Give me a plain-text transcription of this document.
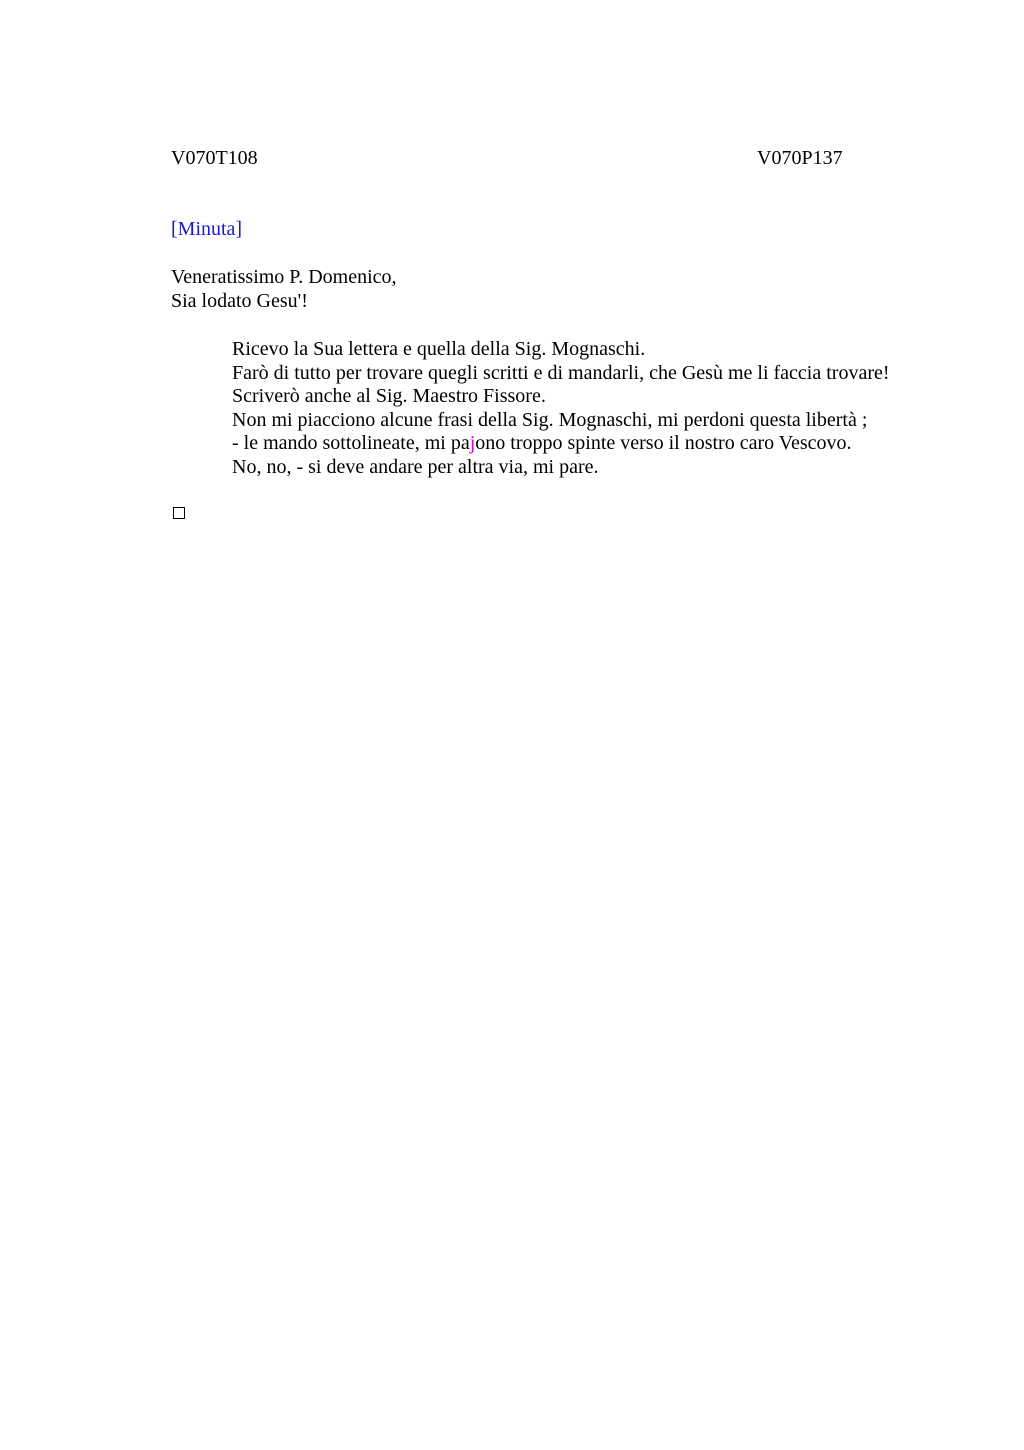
V070T108	V070P137
[Minuta]
Veneratissimo P. Domenico,
Sia lodato Gesu'!
Ricevo la Sua lettera e quella della Sig. Mognaschi.
Farò di tutto per trovare quegli scritti e di mandarli, che Gesù me li faccia trovare!
Scriverò anche al Sig. Maestro Fissore.
Non mi piacciono alcune frasi della Sig. Mognaschi, mi perdoni questa libertà ;
- le mando sottolineate, mi pajono troppo spinte verso il nostro caro Vescovo.
No, no, - si deve andare per altra via, mi pare.
